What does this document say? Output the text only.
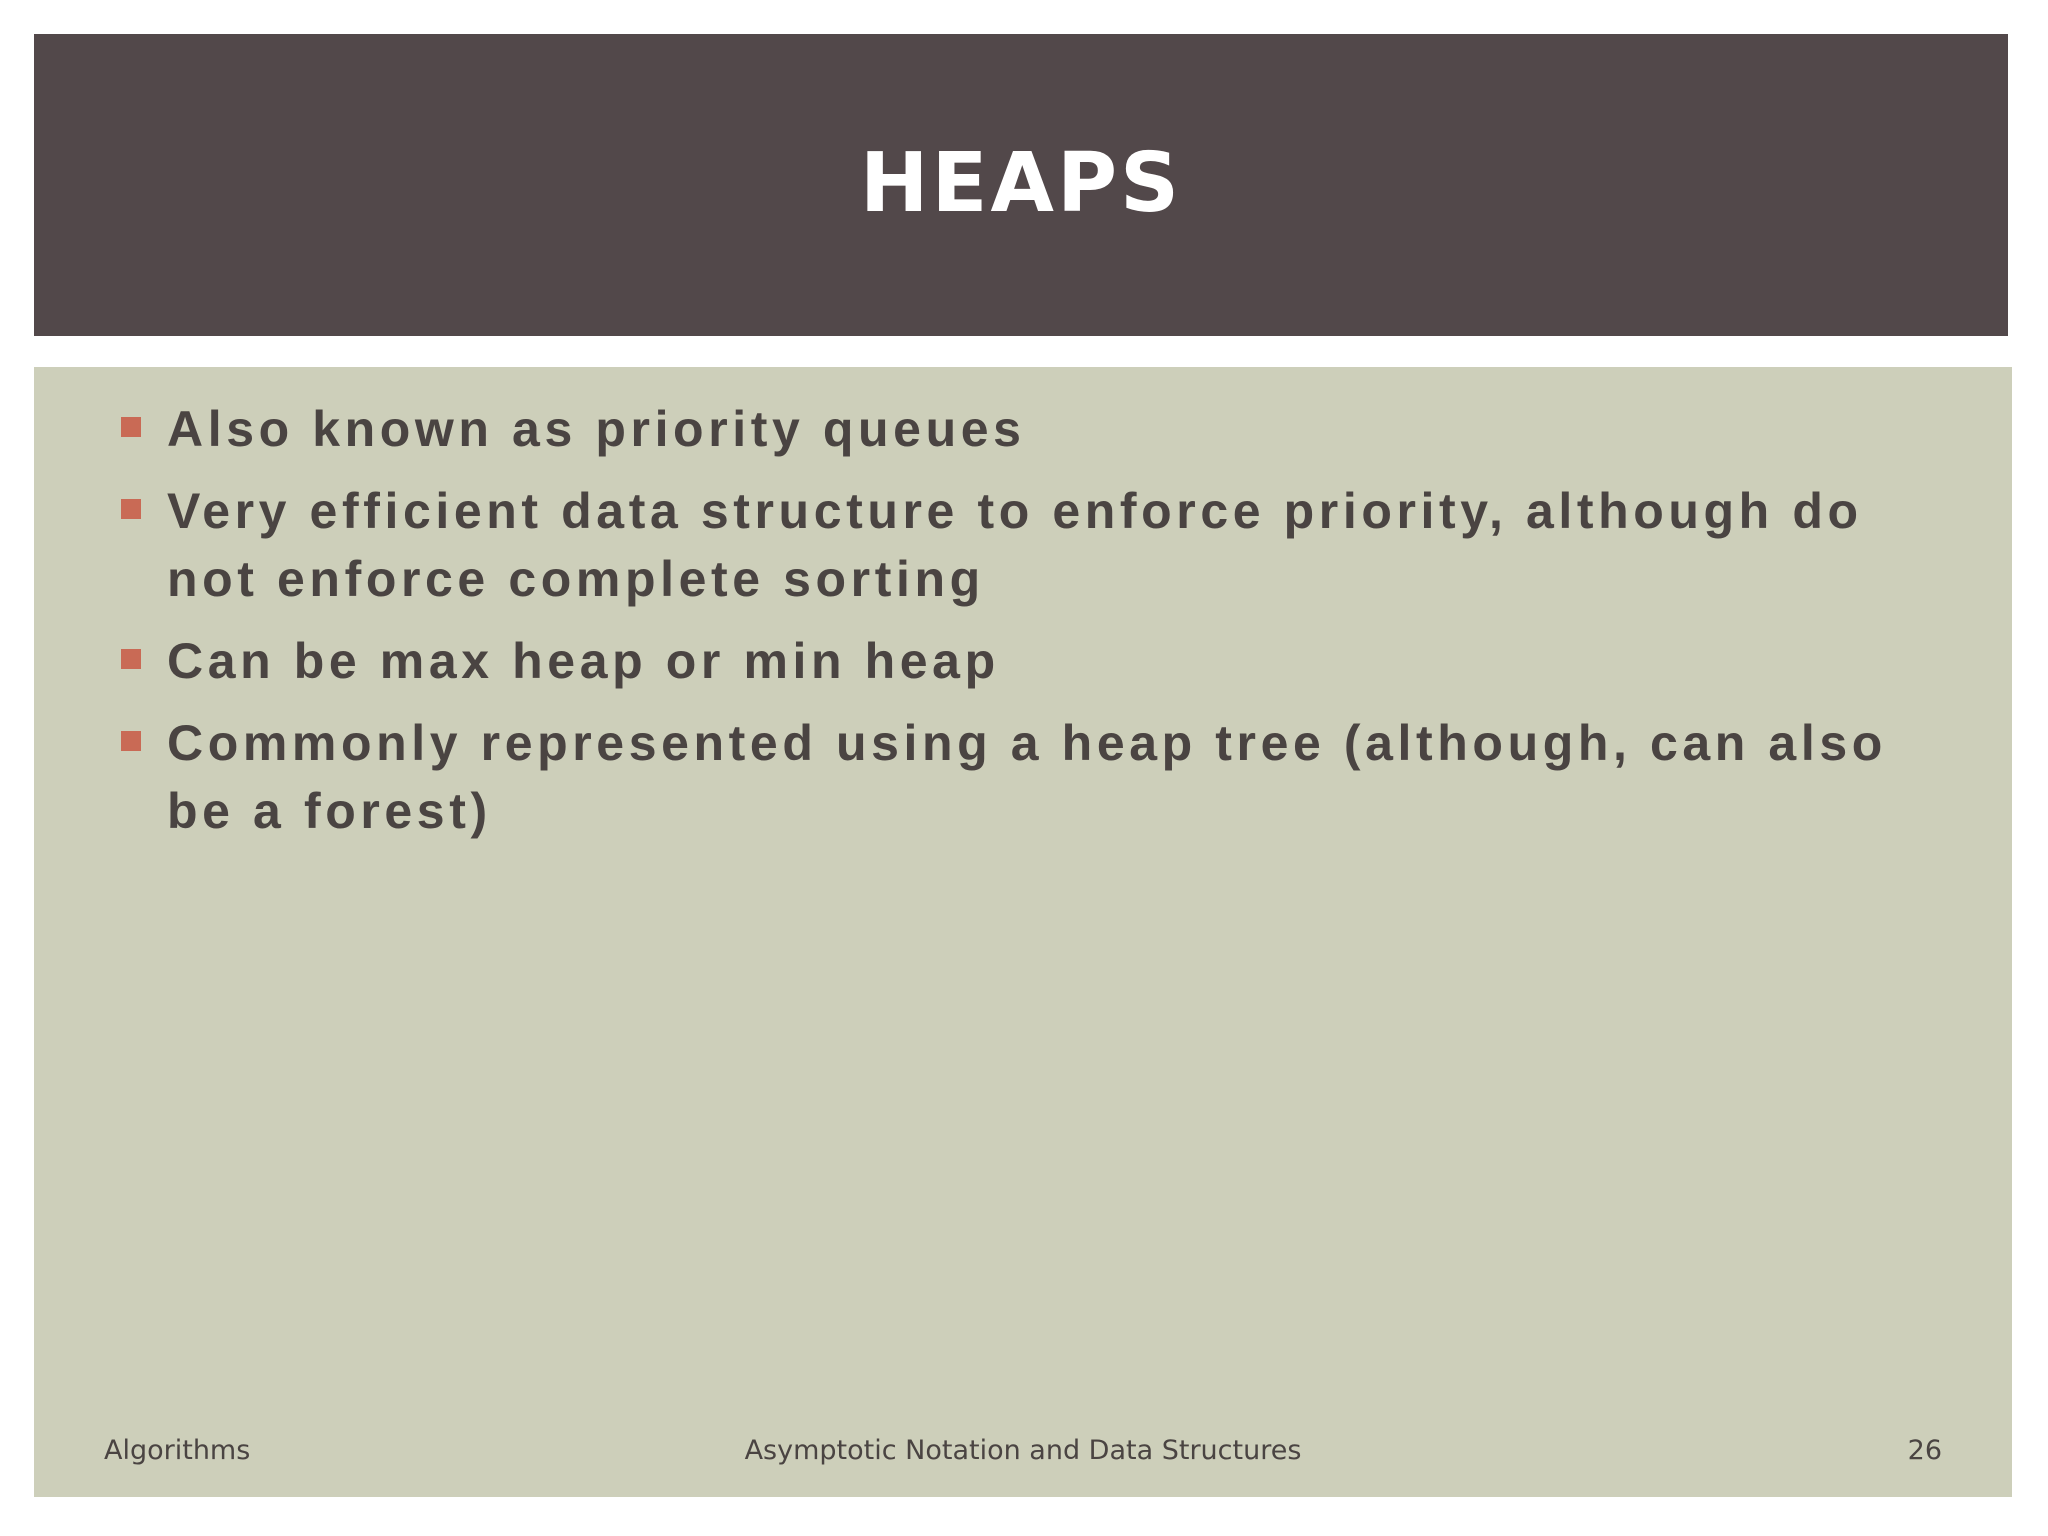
HEAPS
Also known as priority queues
Very efficient data structure to enforce priority, although do not enforce complete sorting
Can be max heap or min heap
Commonly represented using a heap tree (although, can also be a forest)
Algorithms	Asymptotic Notation and Data Structures	26
